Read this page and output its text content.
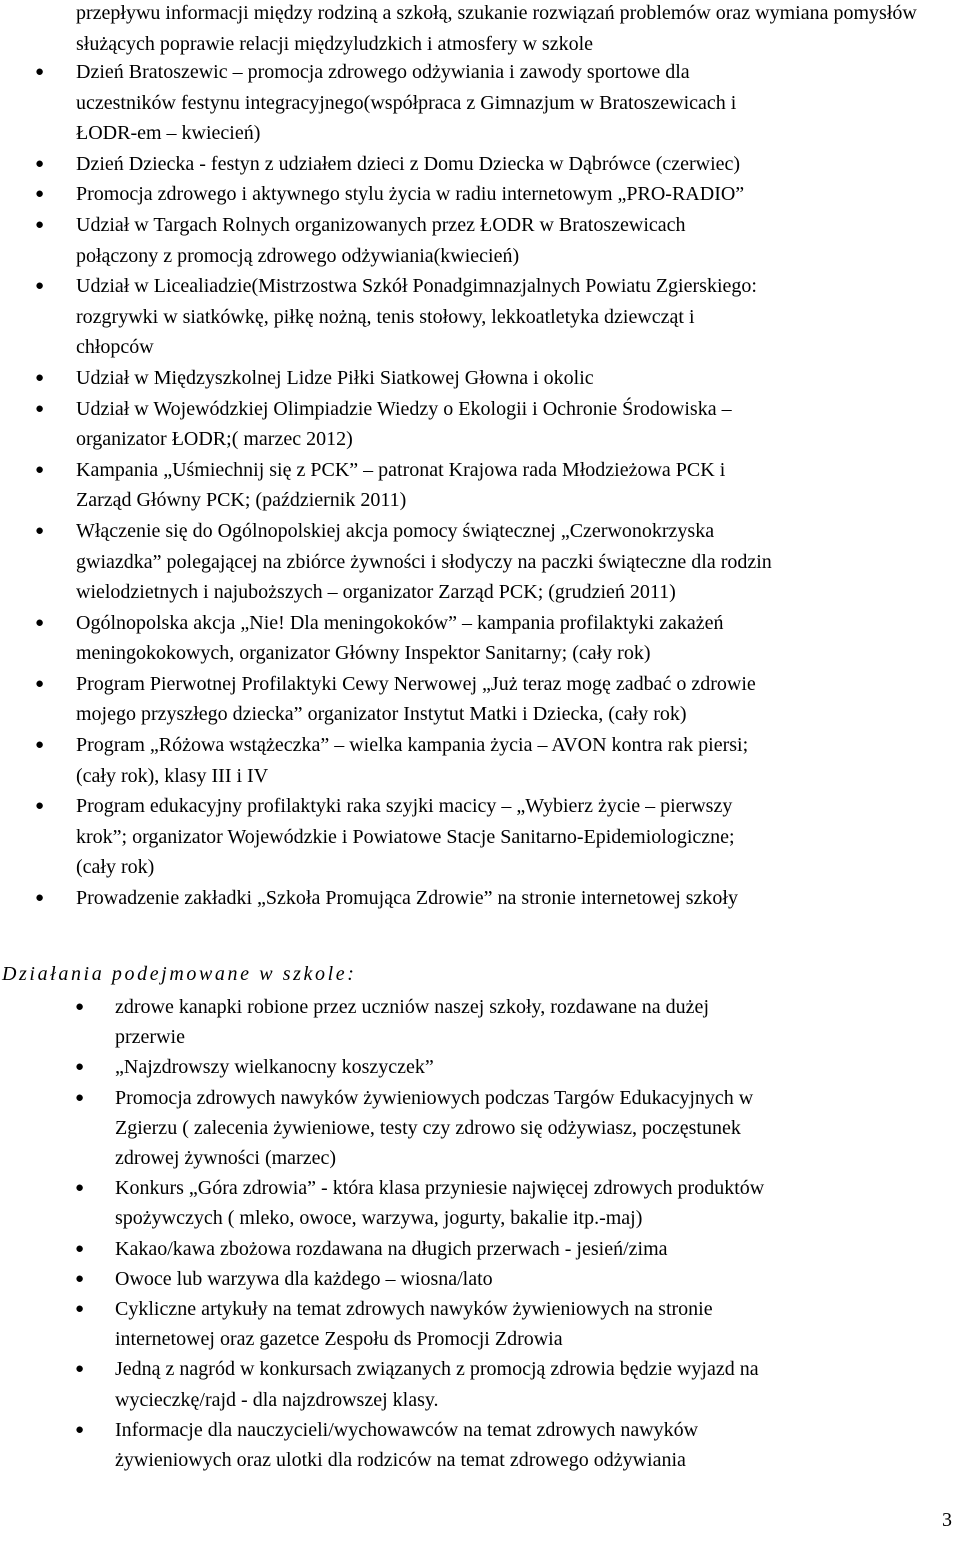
przepływu informacji między rodziną a szkołą, szukanie rozwiązań problemów oraz wymiana pomysłów służących poprawie relacji międzyludzkich i atmosfery w szkole

● Dzień Bratoszewic – promocja zdrowego odżywiania i zawody sportowe dla
uczestników festynu integracyjnego(współpraca z Gimnazjum w Bratoszewicach i
ŁODR-em – kwiecień)
● Dzień Dziecka - festyn z udziałem dzieci z Domu Dziecka w Dąbrówce (czerwiec)
● Promocja zdrowego i aktywnego stylu życia w radiu internetowym „PRO-RADIO”
● Udział w Targach Rolnych organizowanych przez ŁODR w Bratoszewicach
połączony z promocją zdrowego odżywiania(kwiecień)
● Udział w Licealiadzie(Mistrzostwa Szkół Ponadgimnazjalnych Powiatu Zgierskiego:
rozgrywki w siatkówkę, piłkę nożną, tenis stołowy, lekkoatletyka dziewcząt i
chłopców
● Udział w Międzyszkolnej Lidze Piłki Siatkowej Głowna i okolic
● Udział w Wojewódzkiej Olimpiadzie Wiedzy o Ekologii i Ochronie Środowiska –
organizator ŁODR;( marzec 2012)
● Kampania „Uśmiechnij się z PCK” – patronat Krajowa rada Młodzieżowa PCK i
Zarząd Główny PCK; (październik 2011)
● Włączenie się do Ogólnopolskiej akcja pomocy świątecznej „Czerwonokrzyska
gwiazdka” polegającej na zbiórce żywności i słodyczy na paczki świąteczne dla rodzin
wielodzietnych i najuboższych – organizator Zarząd PCK; (grudzień 2011)
● Ogólnopolska akcja „Nie! Dla meningokoków” – kampania profilaktyki zakażeń
meningokokowych, organizator Główny Inspektor Sanitarny; (cały rok)
● Program Pierwotnej Profilaktyki Cewy Nerwowej „Już teraz mogę zadbać o zdrowie
mojego przyszłego dziecka” organizator Instytut Matki i Dziecka, (cały rok)
● Program „Różowa wstążeczka” – wielka kampania życia – AVON kontra rak piersi;
(cały rok), klasy III i IV
● Program edukacyjny profilaktyki raka szyjki macicy – „Wybierz życie – pierwszy
krok”; organizator Wojewódzkie i Powiatowe Stacje Sanitarno-Epidemiologiczne;
(cały rok)
● Prowadzenie zakładki „Szkoła Promująca Zdrowie” na stronie internetowej szkoły
Działania podejmowane w szkole:
● zdrowe kanapki robione przez uczniów naszej szkoły, rozdawane na dużej
przerwie
● „Najzdrowszy wielkanocny koszyczek”
● Promocja zdrowych nawyków żywieniowych podczas Targów Edukacyjnych w
Zgierzu ( zalecenia żywieniowe, testy czy zdrowo się odżywiasz, poczęstunek
zdrowej żywności (marzec)
● Konkurs „Góra zdrowia” - która klasa przyniesie najwięcej zdrowych produktów
spożywczych ( mleko, owoce, warzywa, jogurty, bakalie itp.-maj)
● Kakao/kawa zbożowa rozdawana na długich przerwach - jesień/zima
● Owoce lub warzywa dla każdego – wiosna/lato
● Cykliczne artykuły na temat zdrowych nawyków żywieniowych na stronie
internetowej oraz gazetce Zespołu ds Promocji Zdrowia
● Jedną z nagród w konkursach związanych z promocją zdrowia będzie wyjazd na
wycieczkę/rajd - dla najzdrowszej klasy.
● Informacje dla nauczycieli/wychowawców na temat zdrowych nawyków
żywieniowych oraz ulotki dla rodziców na temat zdrowego odżywiania
3
